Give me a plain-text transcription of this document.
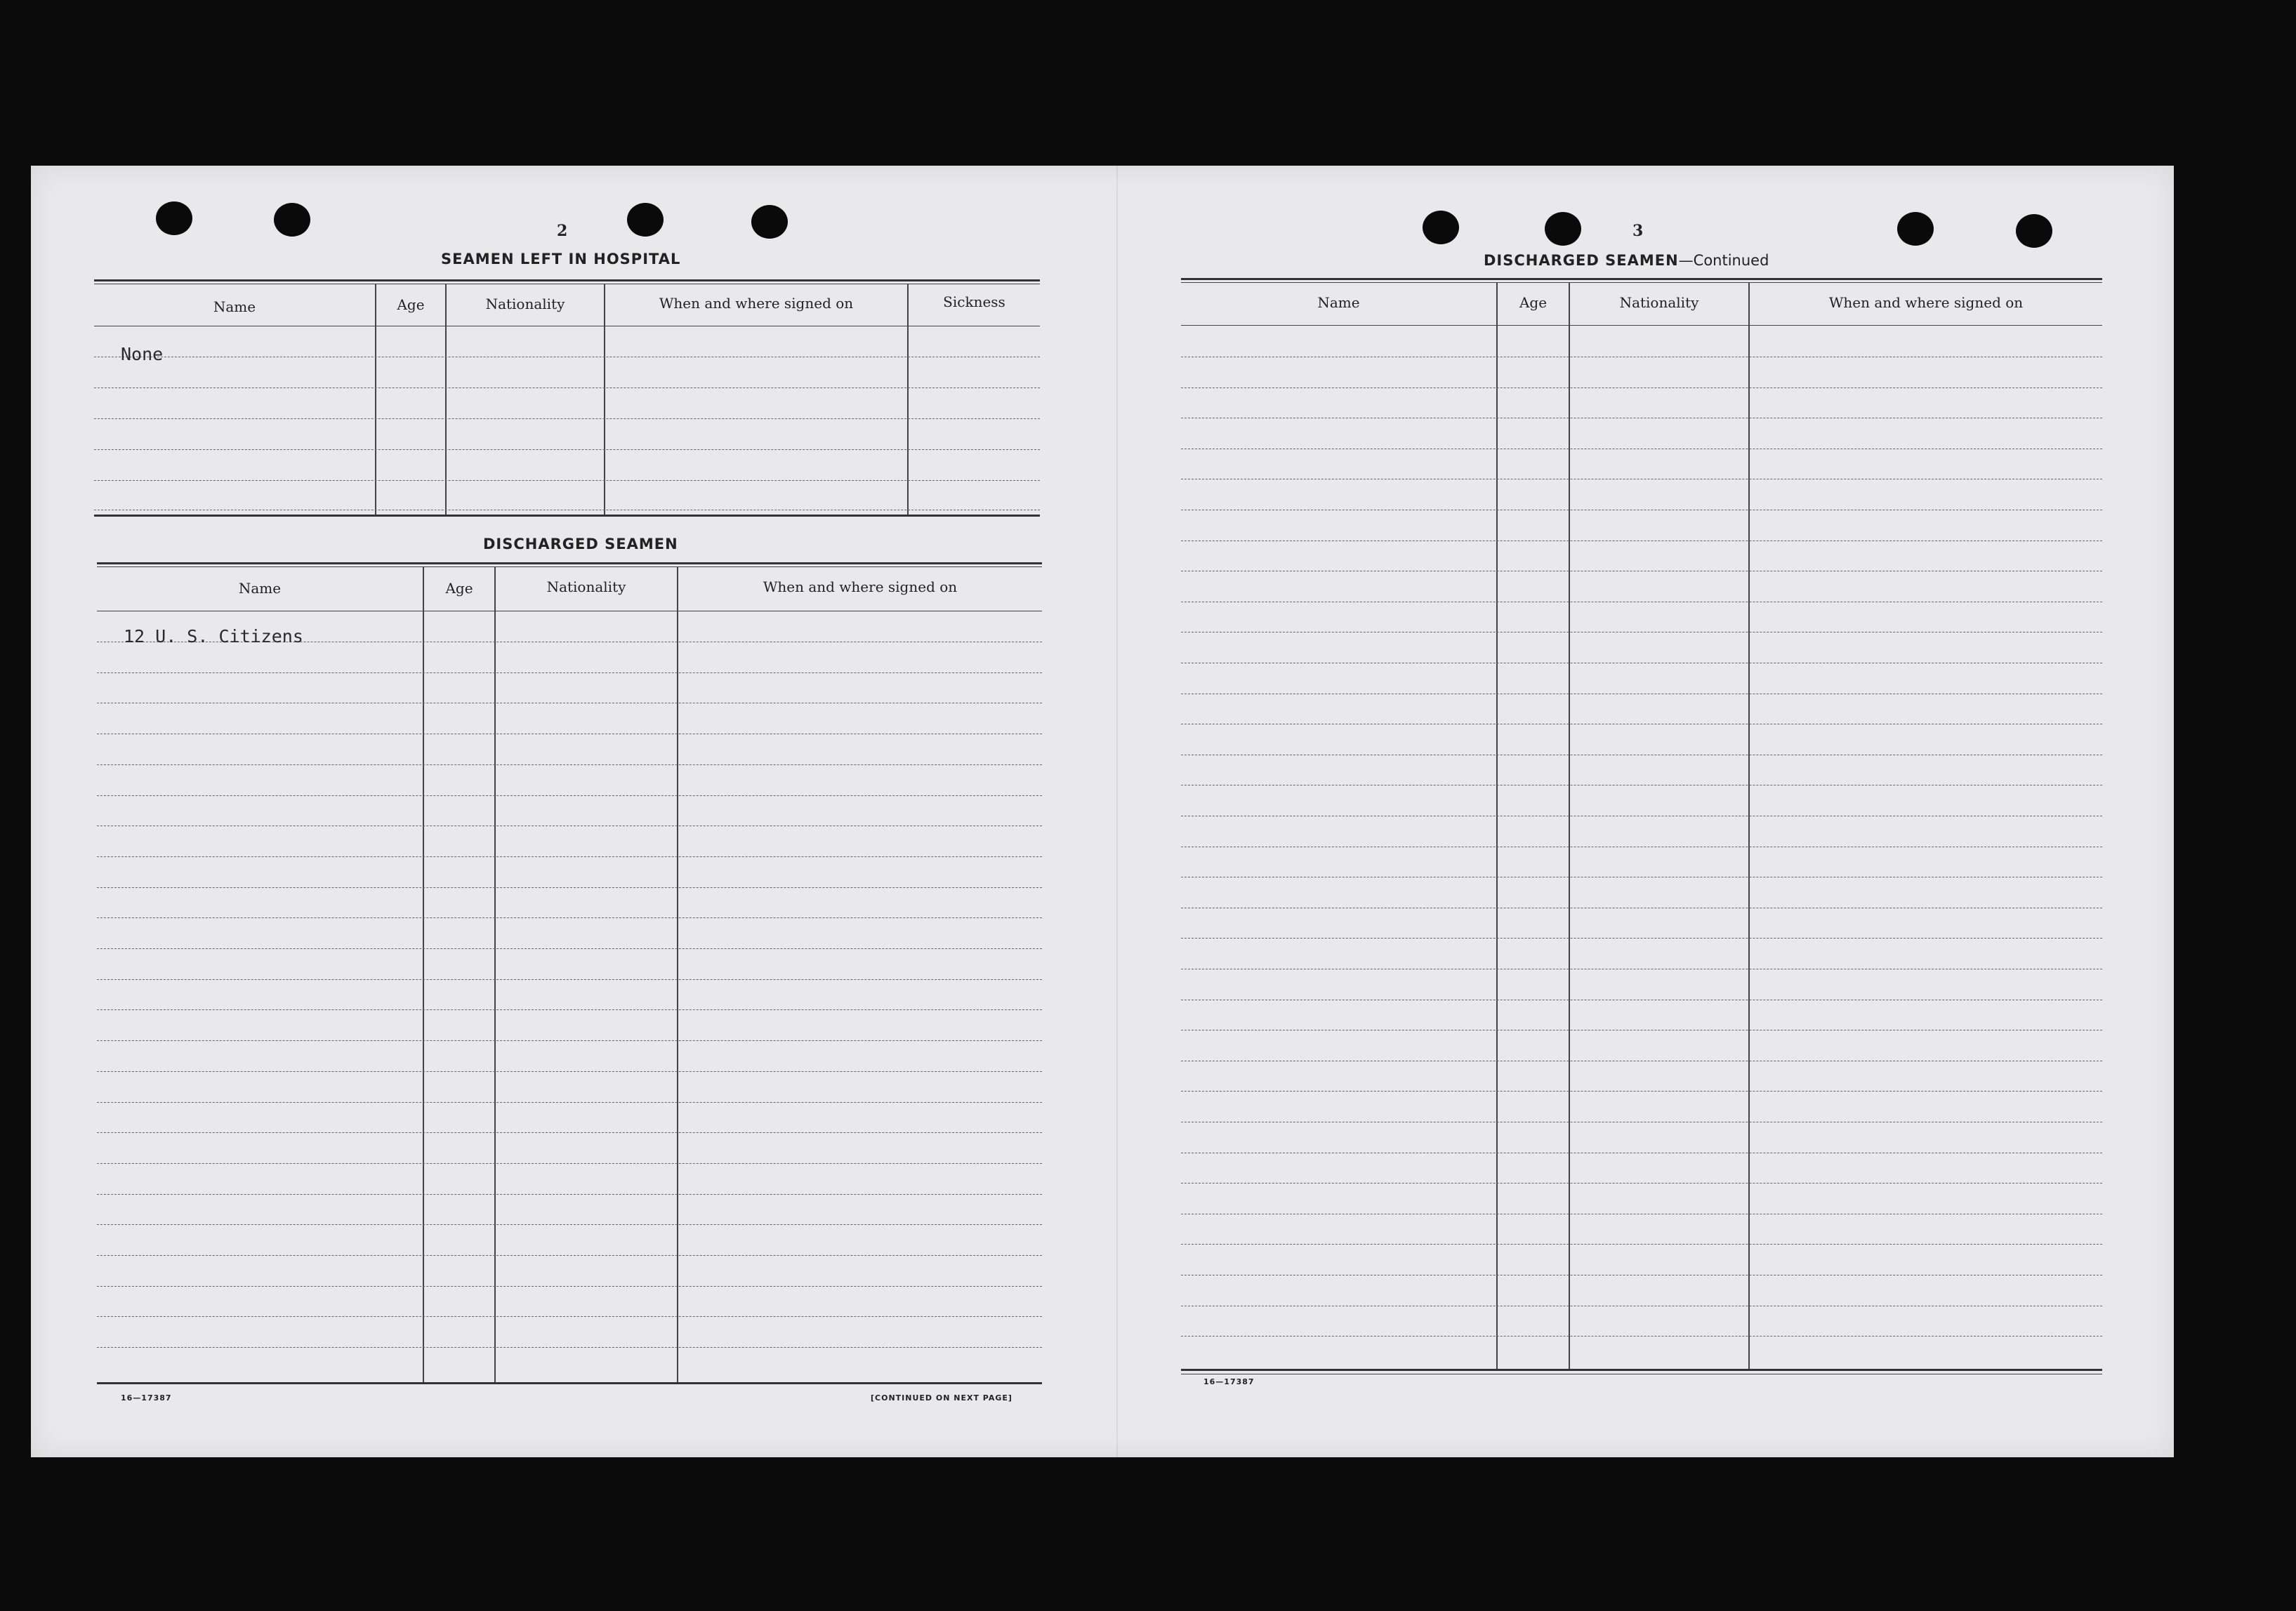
2
SEAMEN LEFT IN HOSPITAL
Name	Age	Nationality	When and where signed on	Sickness
None
DISCHARGED SEAMEN
Name	Age	Nationality	When and where signed on
12 U. S. Citizens
16—17387	[CONTINUED ON NEXT PAGE]
3
DISCHARGED SEAMEN—Continued
Name	Age	Nationality	When and where signed on
16—17387
